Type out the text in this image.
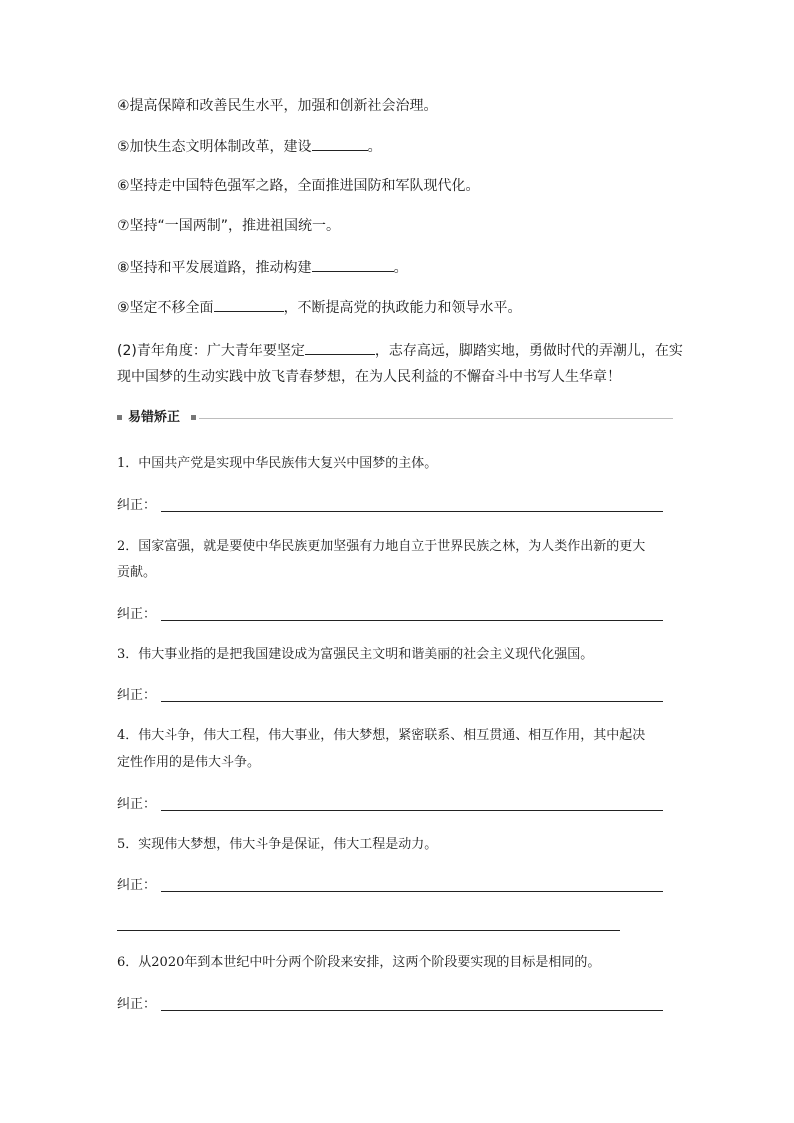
④提高保障和改善民生水平，加强和创新社会治理。
⑤加快生态文明体制改革，建设	。
⑥坚持走中国特色强军之路，全面推进国防和军队现代化。
⑦坚持“一国两制”，推进祖国统一。
⑧坚持和平发展道路，推动构建	。
⑨坚定不移全面	，不断提高党的执政能力和领导水平。
(2)青年角度：广大青年要坚定	，志存高远，脚踏实地，勇做时代的弄潮儿，在实
现中国梦的生动实践中放飞青春梦想，在为人民利益的不懈奋斗中书写人生华章！
易错矫正
1．中国共产党是实现中华民族伟大复兴中国梦的主体。
纠正：
2．国家富强，就是要使中华民族更加坚强有力地自立于世界民族之林，为人类作出新的更大
贡献。
纠正：
3．伟大事业指的是把我国建设成为富强民主文明和谐美丽的社会主义现代化强国。
纠正：
4．伟大斗争，伟大工程，伟大事业，伟大梦想，紧密联系、相互贯通、相互作用，其中起决
定性作用的是伟大斗争。
纠正：
5．实现伟大梦想，伟大斗争是保证，伟大工程是动力。
纠正：
6．从2020年到本世纪中叶分两个阶段来安排，这两个阶段要实现的目标是相同的。
纠正：
